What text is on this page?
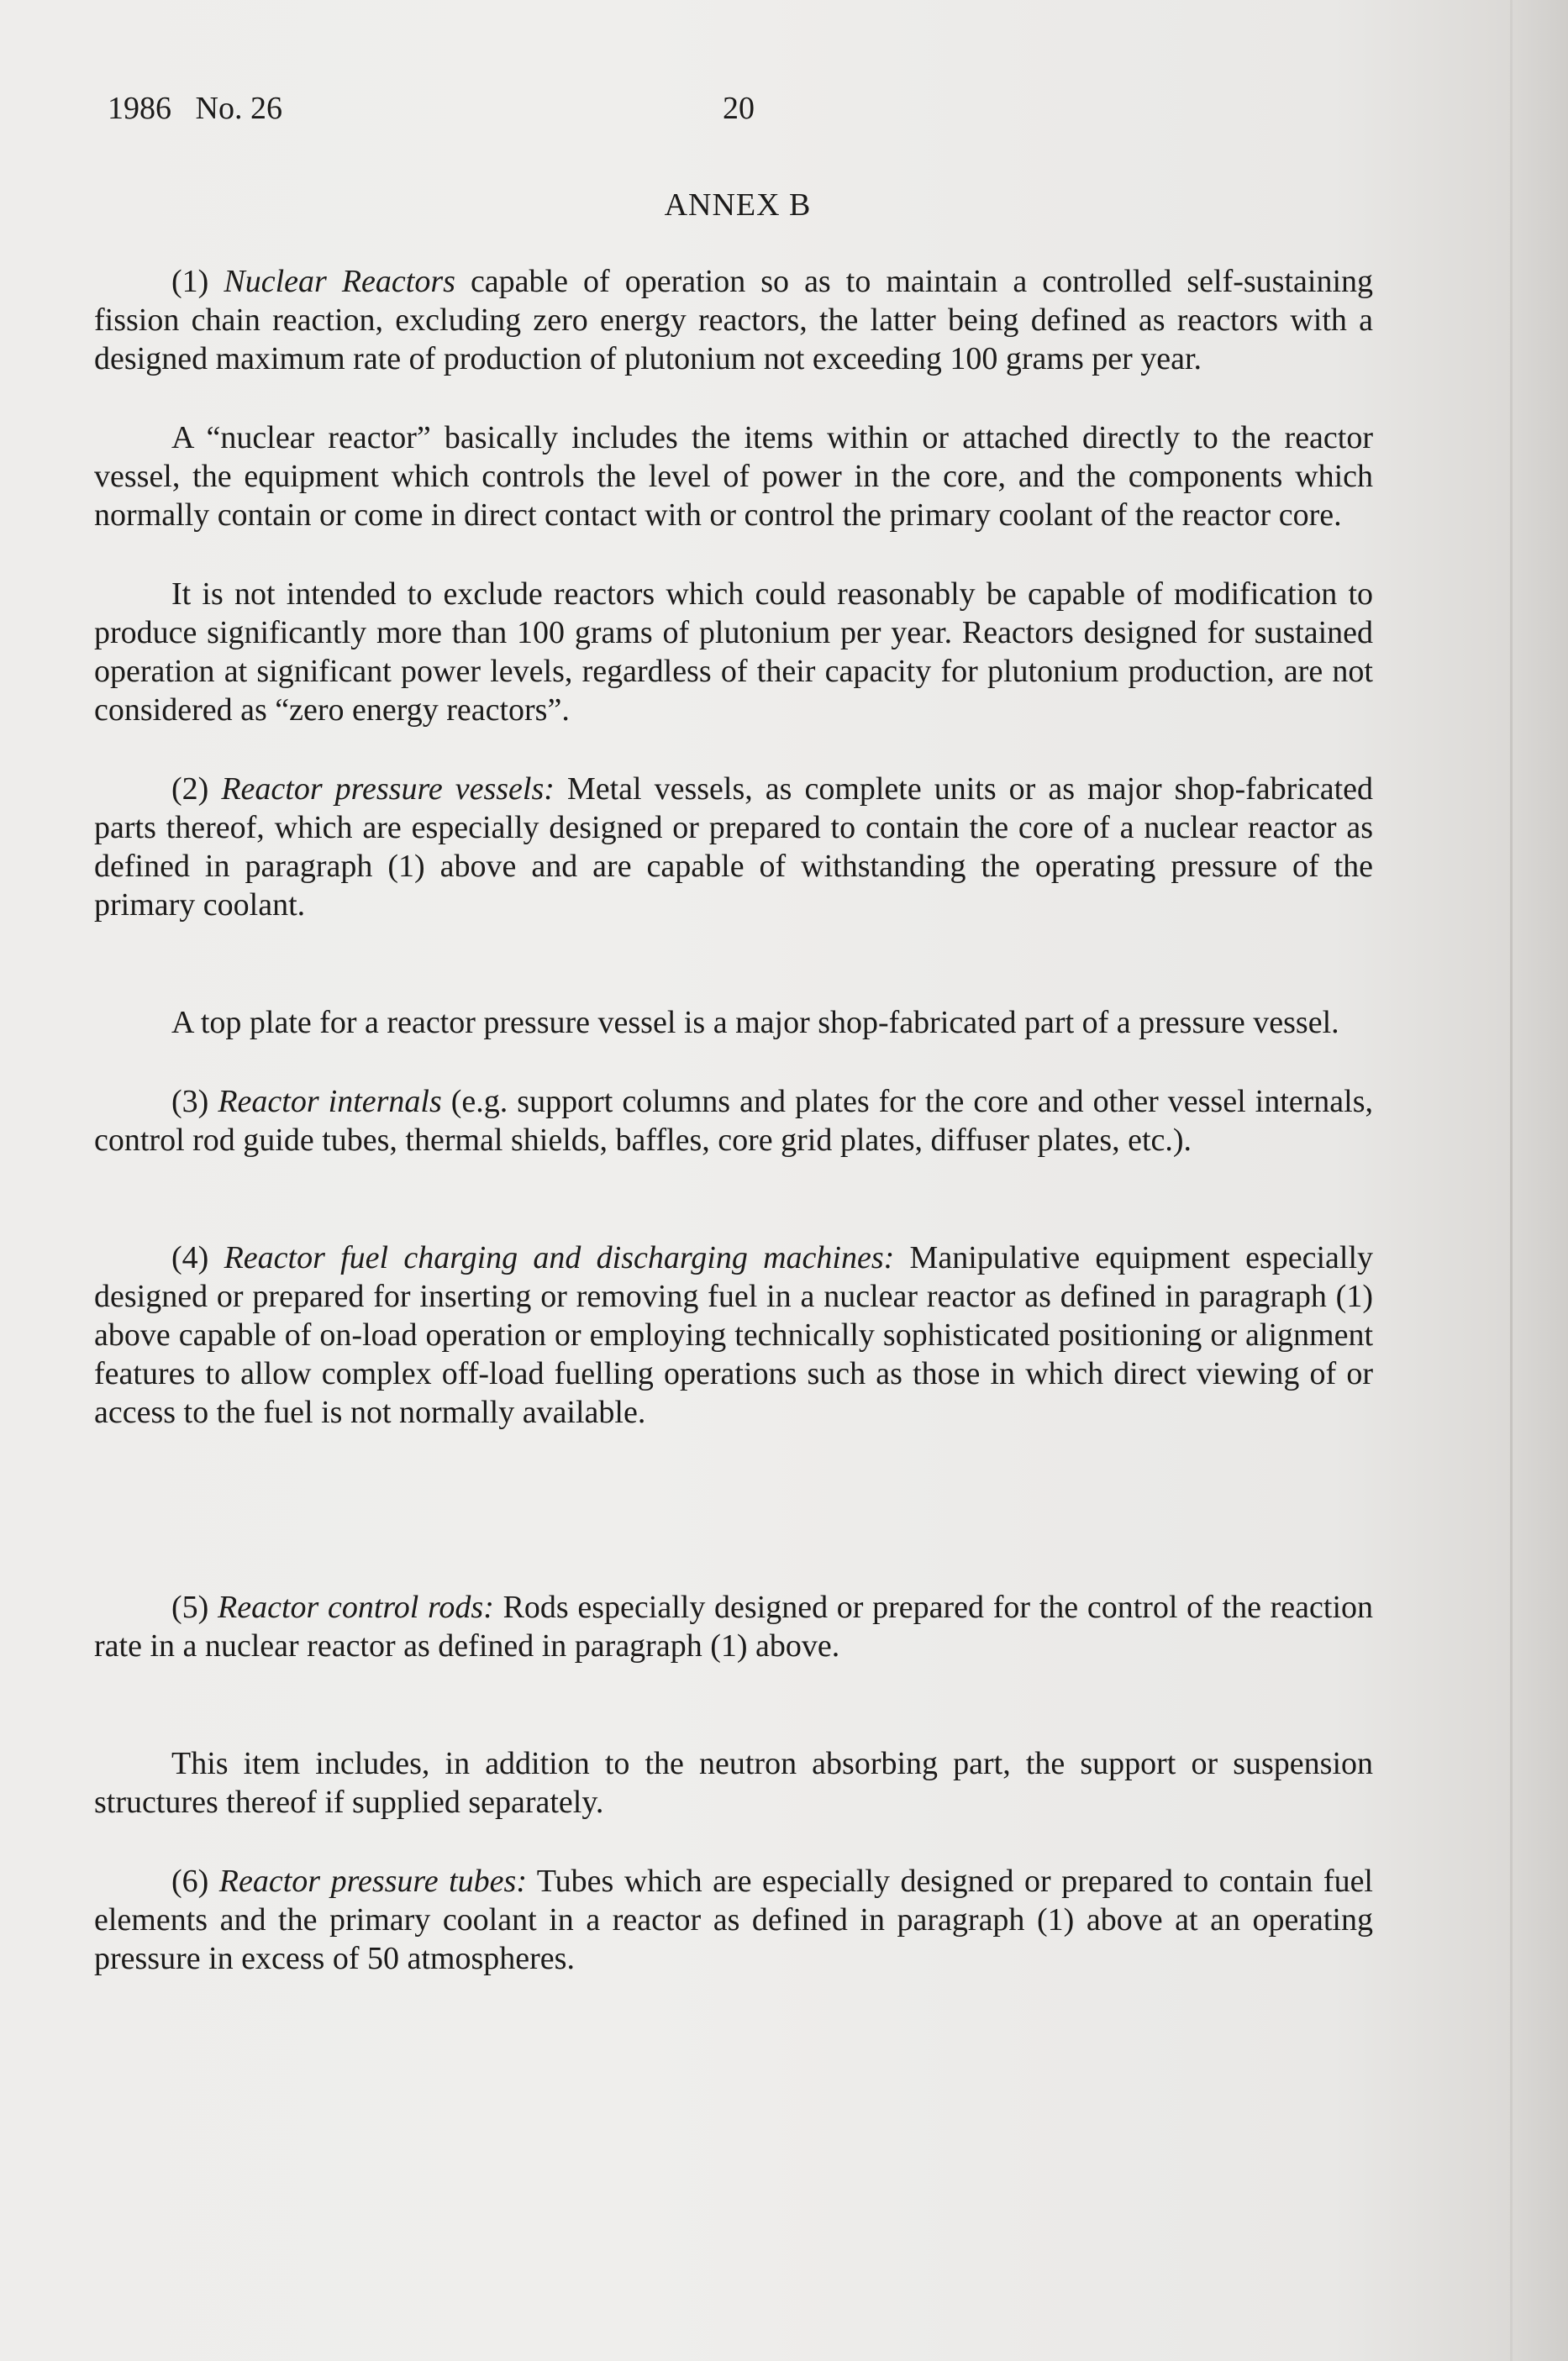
1986   No. 26	20
ANNEX B

(1) Nuclear Reactors capable of operation so as to maintain a controlled self-sustaining fission chain reaction, excluding zero energy reactors, the latter being defined as reactors with a designed maximum rate of production of plutonium not exceeding 100 grams per year.

A “nuclear reactor” basically includes the items within or attached directly to the reactor vessel, the equipment which controls the level of power in the core, and the components which normally contain or come in direct contact with or control the primary coolant of the reactor core.

It is not intended to exclude reactors which could reasonably be capable of modification to produce significantly more than 100 grams of plutonium per year. Reactors designed for sustained operation at significant power levels, regardless of their capacity for plutonium production, are not considered as “zero energy reactors”.

(2) Reactor pressure vessels: Metal vessels, as complete units or as major shop-fabricated parts thereof, which are especially designed or prepared to contain the core of a nuclear reactor as defined in paragraph (1) above and are capable of withstanding the operating pressure of the primary coolant.

A top plate for a reactor pressure vessel is a major shop-fabricated part of a pressure vessel.

(3) Reactor internals (e.g. support columns and plates for the core and other vessel internals, control rod guide tubes, thermal shields, baffles, core grid plates, diffuser plates, etc.).

(4) Reactor fuel charging and discharging machines: Manipulative equipment especially designed or prepared for inserting or removing fuel in a nuclear reactor as defined in paragraph (1) above capable of on-load operation or employing technically sophisticated positioning or alignment features to allow complex off-load fuelling operations such as those in which direct viewing of or access to the fuel is not normally available.

(5) Reactor control rods: Rods especially designed or prepared for the control of the reaction rate in a nuclear reactor as defined in paragraph (1) above.

This item includes, in addition to the neutron absorbing part, the support or suspension structures thereof if supplied separately.

(6) Reactor pressure tubes: Tubes which are especially designed or prepared to contain fuel elements and the primary coolant in a reactor as defined in paragraph (1) above at an operating pressure in excess of 50 atmospheres.
